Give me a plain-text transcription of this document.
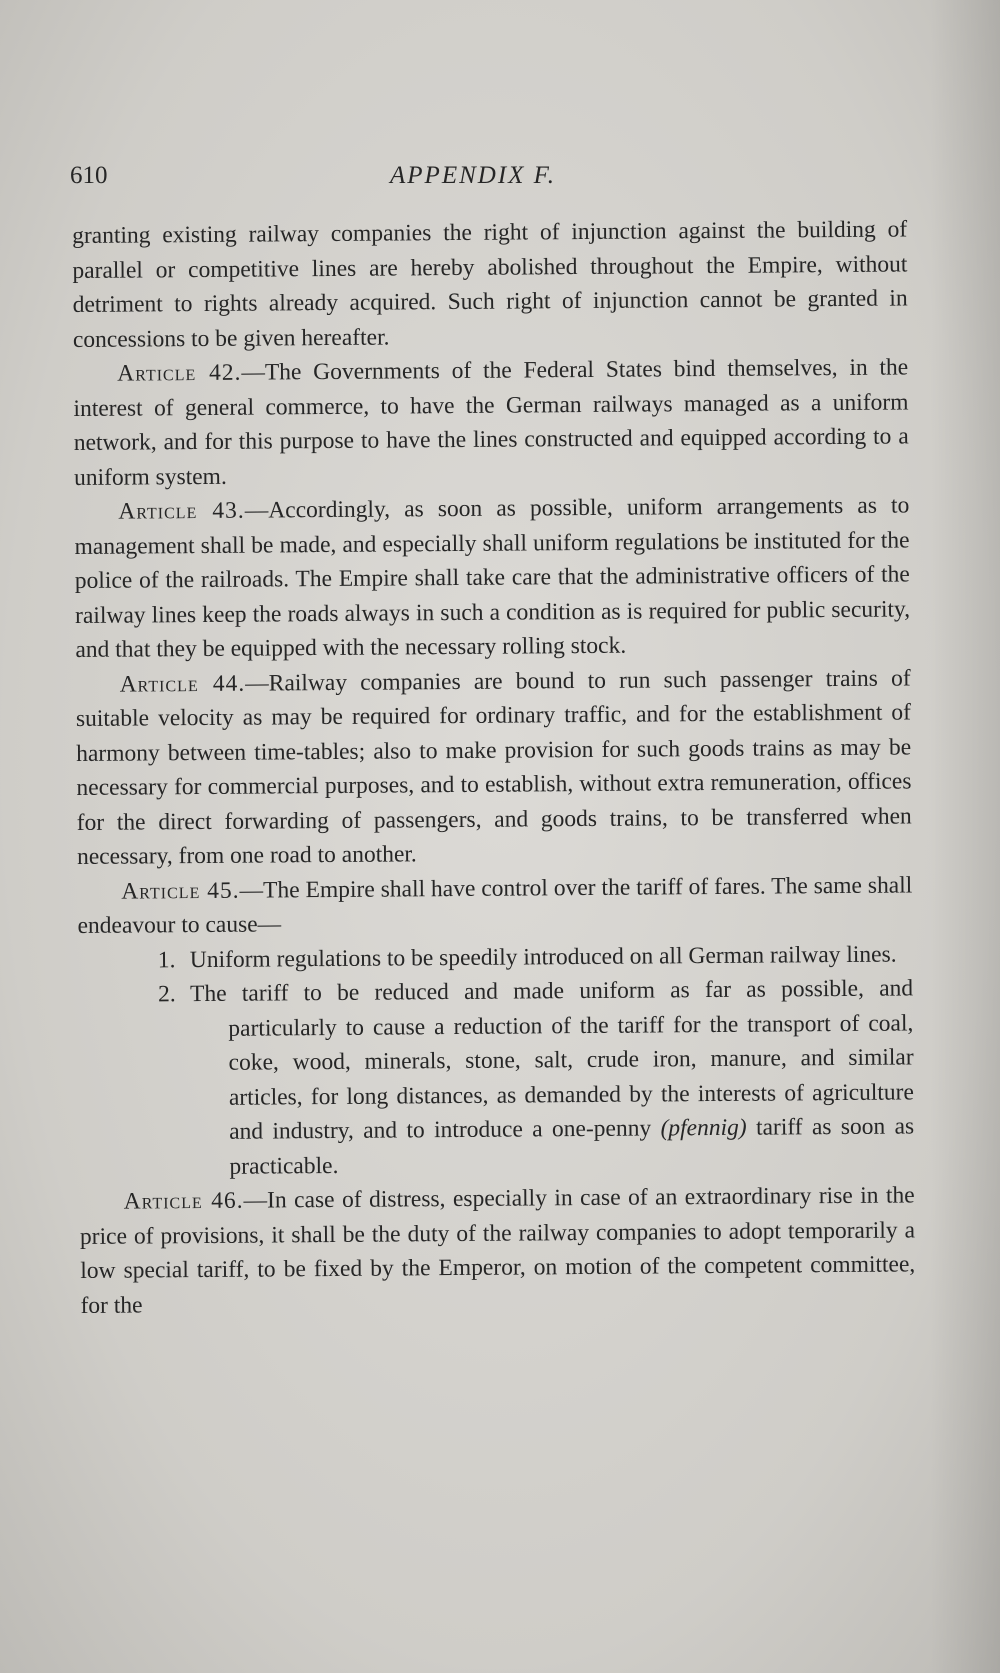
610	APPENDIX F.

granting existing railway companies the right of injunction against the building of parallel or competitive lines are hereby abolished throughout the Empire, without detriment to rights already acquired. Such right of injunction cannot be granted in concessions to be given hereafter.

Article 42.—The Governments of the Federal States bind themselves, in the interest of general commerce, to have the German railways managed as a uniform network, and for this purpose to have the lines constructed and equipped according to a uniform system.

Article 43.—Accordingly, as soon as possible, uniform arrangements as to management shall be made, and especially shall uniform regulations be instituted for the police of the railroads. The Empire shall take care that the administrative officers of the railway lines keep the roads always in such a condition as is required for public security, and that they be equipped with the necessary rolling stock.

Article 44.—Railway companies are bound to run such passenger trains of suitable velocity as may be required for ordinary traffic, and for the establishment of harmony between time-tables; also to make provision for such goods trains as may be necessary for commercial purposes, and to establish, without extra remuneration, offices for the direct forwarding of passengers, and goods trains, to be transferred when necessary, from one road to another.

Article 45.—The Empire shall have control over the tariff of fares. The same shall endeavour to cause—

1. Uniform regulations to be speedily introduced on all German railway lines.
2. The tariff to be reduced and made uniform as far as possible, and particularly to cause a reduction of the tariff for the transport of coal, coke, wood, minerals, stone, salt, crude iron, manure, and similar articles, for long distances, as demanded by the interests of agriculture and industry, and to introduce a one-penny (pfennig) tariff as soon as practicable.

Article 46.—In case of distress, especially in case of an extraordinary rise in the price of provisions, it shall be the duty of the railway companies to adopt temporarily a low special tariff, to be fixed by the Emperor, on motion of the competent committee, for the
